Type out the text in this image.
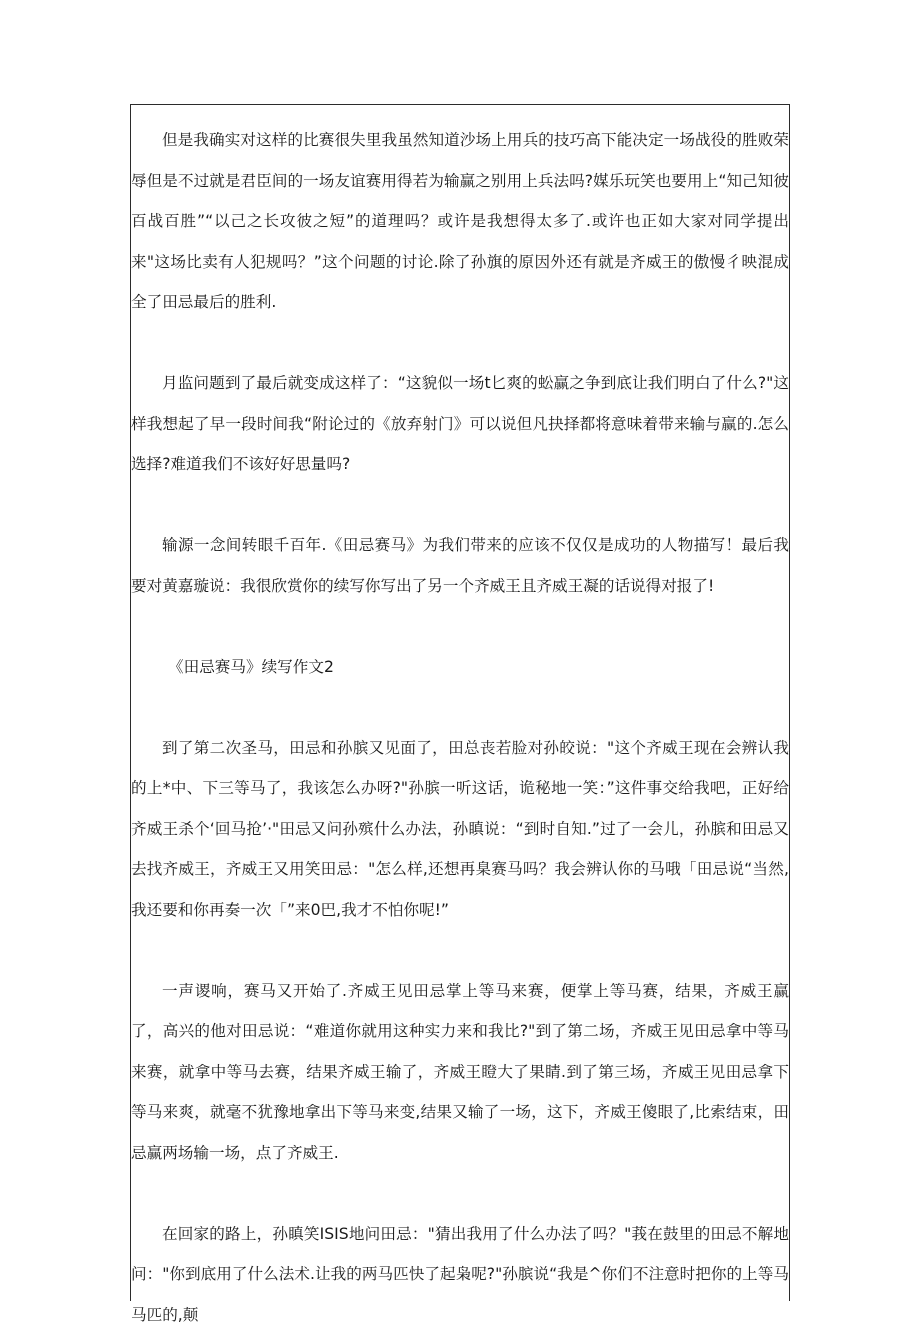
但是我确实对这样的比赛很失里我虽然知道沙场上用兵的技巧高下能决定一场战役的胜败荣辱但是不过就是君臣间的一场友谊赛用得若为输赢之别用上兵法吗?媒乐玩笑也要用上“知己知彼百战百胜”“以己之长攻彼之短”的道理吗？或许是我想得太多了.或许也正如大家对同学提出来"这场比卖有人犯规吗？”这个问题的讨论.除了孙旗的原因外还有就是齐威王的傲慢彳映混成全了田忌最后的胜利.

月监问题到了最后就变成这样了：“这貌似一场t匕爽的蚣赢之争到底让我们明白了什么?"这样我想起了早一段时间我“附论过的《放弃射门》可以说但凡抉择都将意味着带来输与赢的.怎么选择?难道我们不该好好思量吗?

输源一念间转眼千百年.《田忌赛马》为我们带来的应该不仅仅是成功的人物描写！最后我要对黄嘉璇说：我很欣赏你的续写你写出了另一个齐威王且齐威王凝的话说得对报了!

《田忌赛马》续写作文2

到了第二次圣马，田忌和孙膑又见面了，田总丧若脸对孙皎说："这个齐威王现在会辨认我的上*中、下三等马了，我该怎么办呀?"孙膑一听这话，诡秘地一笑：”这件事交给我吧，正好给齐威王杀个‘回马抢’·"田忌又问孙殡什么办法，孙瞋说：“到时自知.”过了一会儿，孙膑和田忌又去找齐威王，齐威王又用笑田忌："怎么样,还想再臬赛马吗？我会辨认你的马哦「田忌说“当然,我还要和你再奏一次「”来0巴,我才不怕你呢!”

一声谡响，赛马又开始了.齐威王见田忌掌上等马来赛，便掌上等马赛，结果，齐威王赢了，高兴的他对田忌说：“难道你就用这种实力来和我比?"到了第二场，齐威王见田忌拿中等马来赛，就拿中等马去赛，结果齐威王输了，齐威王瞪大了果睛.到了第三场，齐威王见田忌拿下等马来爽，就毫不犹豫地拿出下等马来变,结果又输了一场，这下，齐威王傻眼了,比索结束，田忌赢两场输一场，点了齐威王.

在回家的路上，孙瞋笑ISIS地问田忌："猜出我用了什么办法了吗？"莪在鼓里的田忌不解地问："你到底用了什么法术.让我的两马匹快了起枭呢?"孙膑说“我是^你们不注意时把你的上等马马匹的,颠
